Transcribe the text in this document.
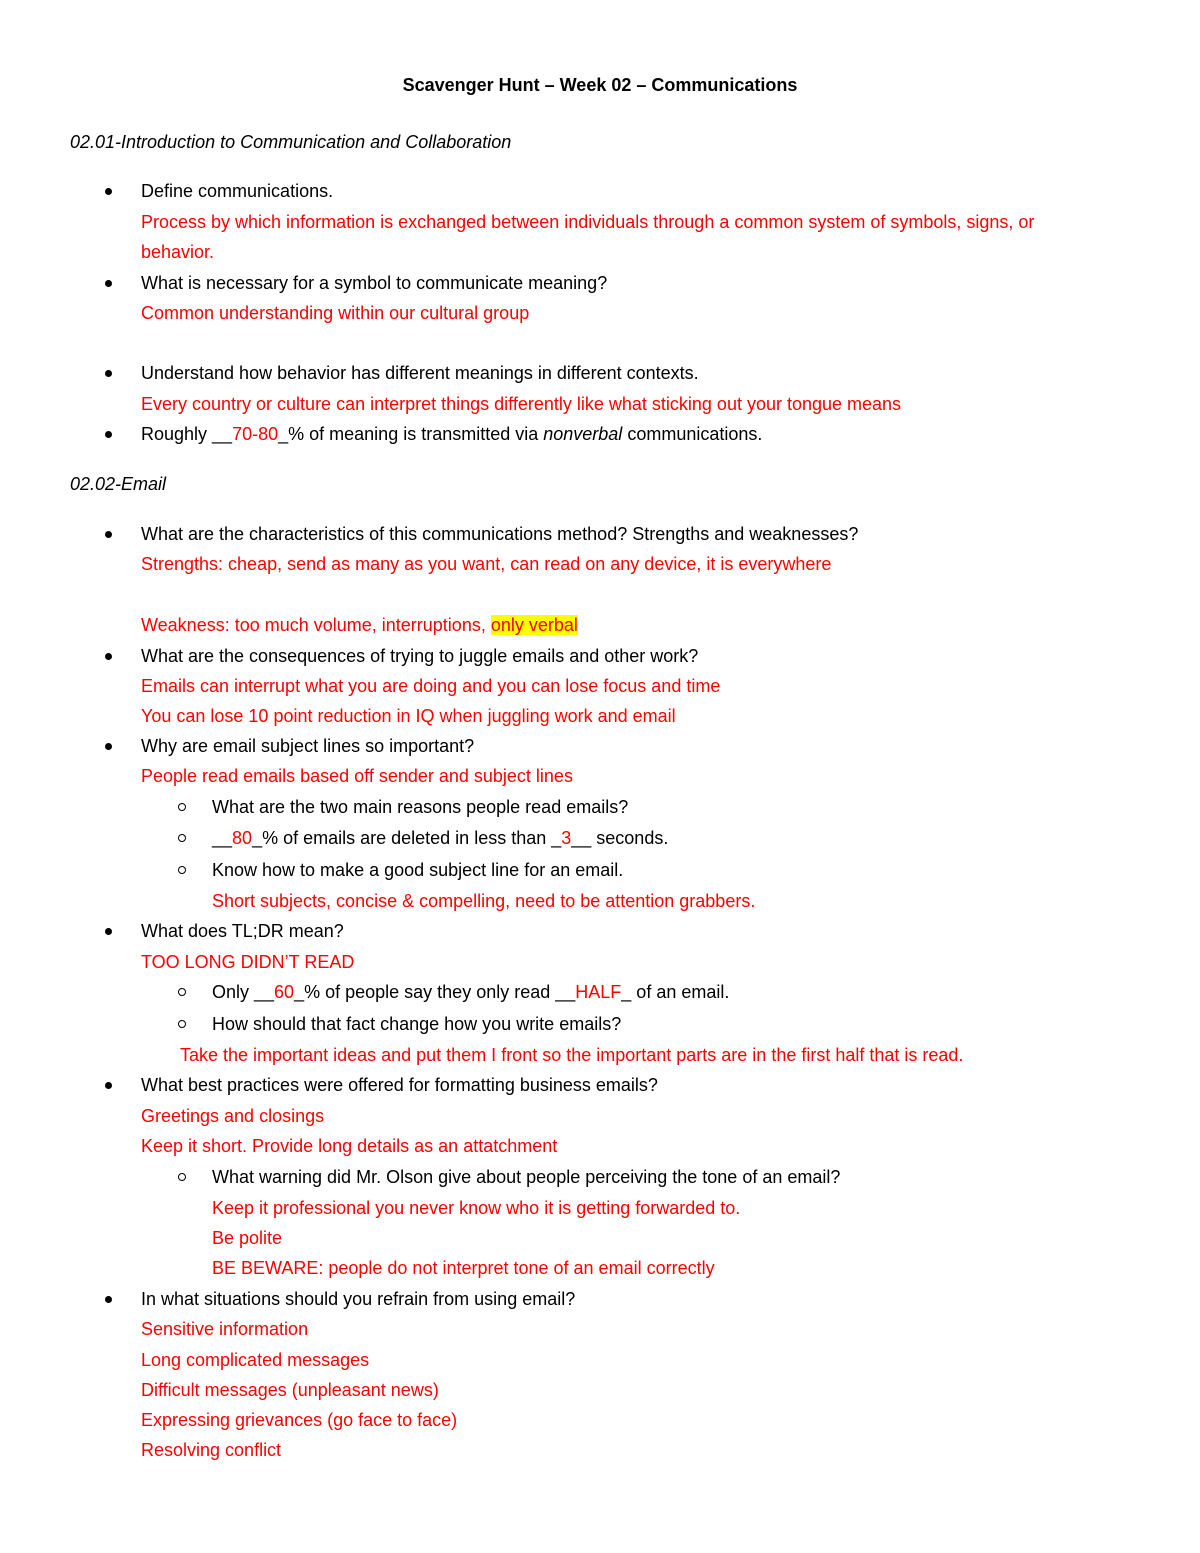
Scavenger Hunt – Week 02 – Communications
02.01-Introduction to Communication and Collaboration
Define communications.
Process by which information is exchanged between individuals through a common system of symbols, signs, or
behavior.
What is necessary for a symbol to communicate meaning?
Common understanding within our cultural group
Understand how behavior has different meanings in different contexts.
Every country or culture can interpret things differently like what sticking out your tongue means
Roughly __70-80_% of meaning is transmitted via nonverbal communications.
02.02-Email
What are the characteristics of this communications method? Strengths and weaknesses?
Strengths: cheap, send as many as you want, can read on any device, it is everywhere
Weakness: too much volume, interruptions, only verbal
What are the consequences of trying to juggle emails and other work?
Emails can interrupt what you are doing and you can lose focus and time
You can lose 10 point reduction in IQ when juggling work and email
Why are email subject lines so important?
People read emails based off sender and subject lines
What are the two main reasons people read emails?
__80_% of emails are deleted in less than _3__ seconds.
Know how to make a good subject line for an email.
Short subjects, concise & compelling, need to be attention grabbers.
What does TL;DR mean?
TOO LONG DIDN’T READ
Only __60_% of people say they only read __HALF_ of an email.
How should that fact change how you write emails?
Take the important ideas and put them I front so the important parts are in the first half that is read.
What best practices were offered for formatting business emails?
Greetings and closings
Keep it short. Provide long details as an attatchment
What warning did Mr. Olson give about people perceiving the tone of an email?
Keep it professional you never know who it is getting forwarded to.
Be polite
BE BEWARE: people do not interpret tone of an email correctly
In what situations should you refrain from using email?
Sensitive information
Long complicated messages
Difficult messages (unpleasant news)
Expressing grievances (go face to face)
Resolving conflict
